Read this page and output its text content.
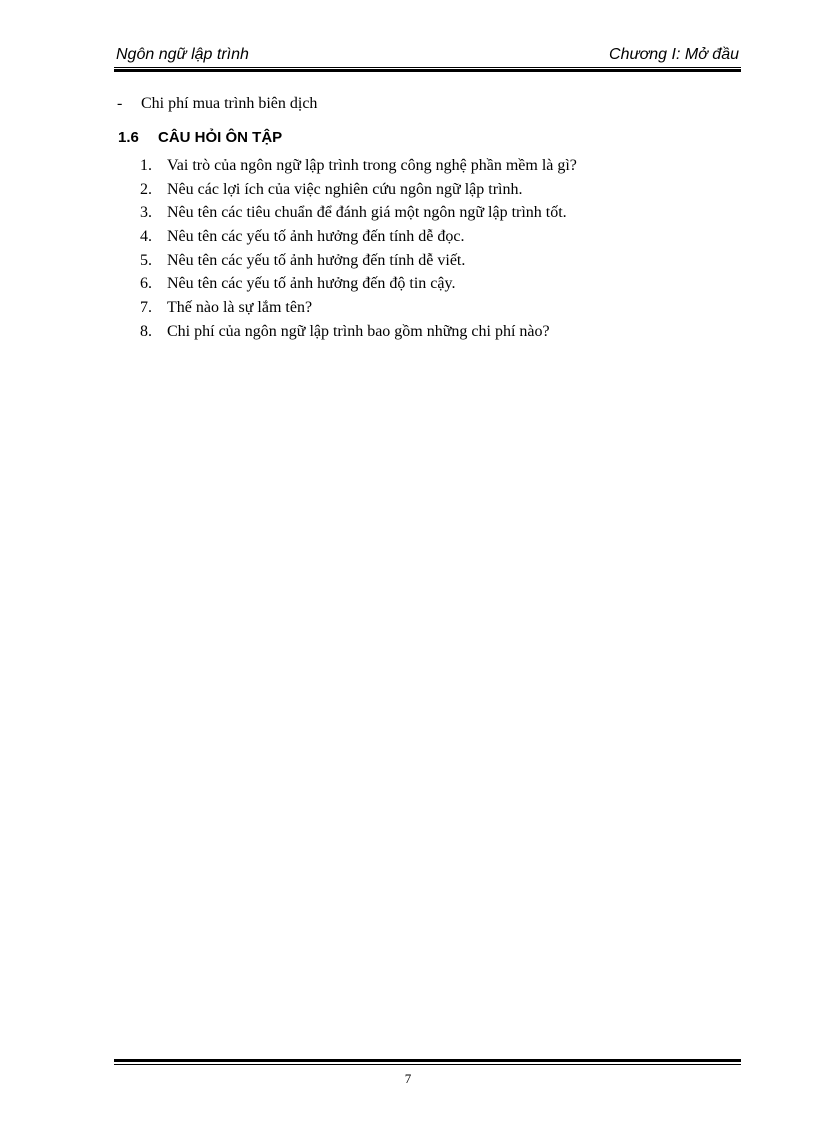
Ngôn ngữ lập trình	Chương I: Mở đầu
- Chi phí mua trình biên dịch
1.6 CÂU HỎI ÔN TẬP
1. Vai trò của ngôn ngữ lập trình trong công nghệ phần mềm là gì?
2. Nêu các lợi ích của việc nghiên cứu ngôn ngữ lập trình.
3. Nêu tên các tiêu chuẩn để đánh giá một ngôn ngữ lập trình tốt.
4. Nêu tên các yếu tố ảnh hưởng đến tính dễ đọc.
5. Nêu tên các yếu tố ảnh hưởng đến tính dễ viết.
6. Nêu tên các yếu tố ảnh hưởng đến độ tin cậy.
7. Thế nào là sự lắm tên?
8. Chi phí của ngôn ngữ lập trình bao gồm những chi phí nào?
7
